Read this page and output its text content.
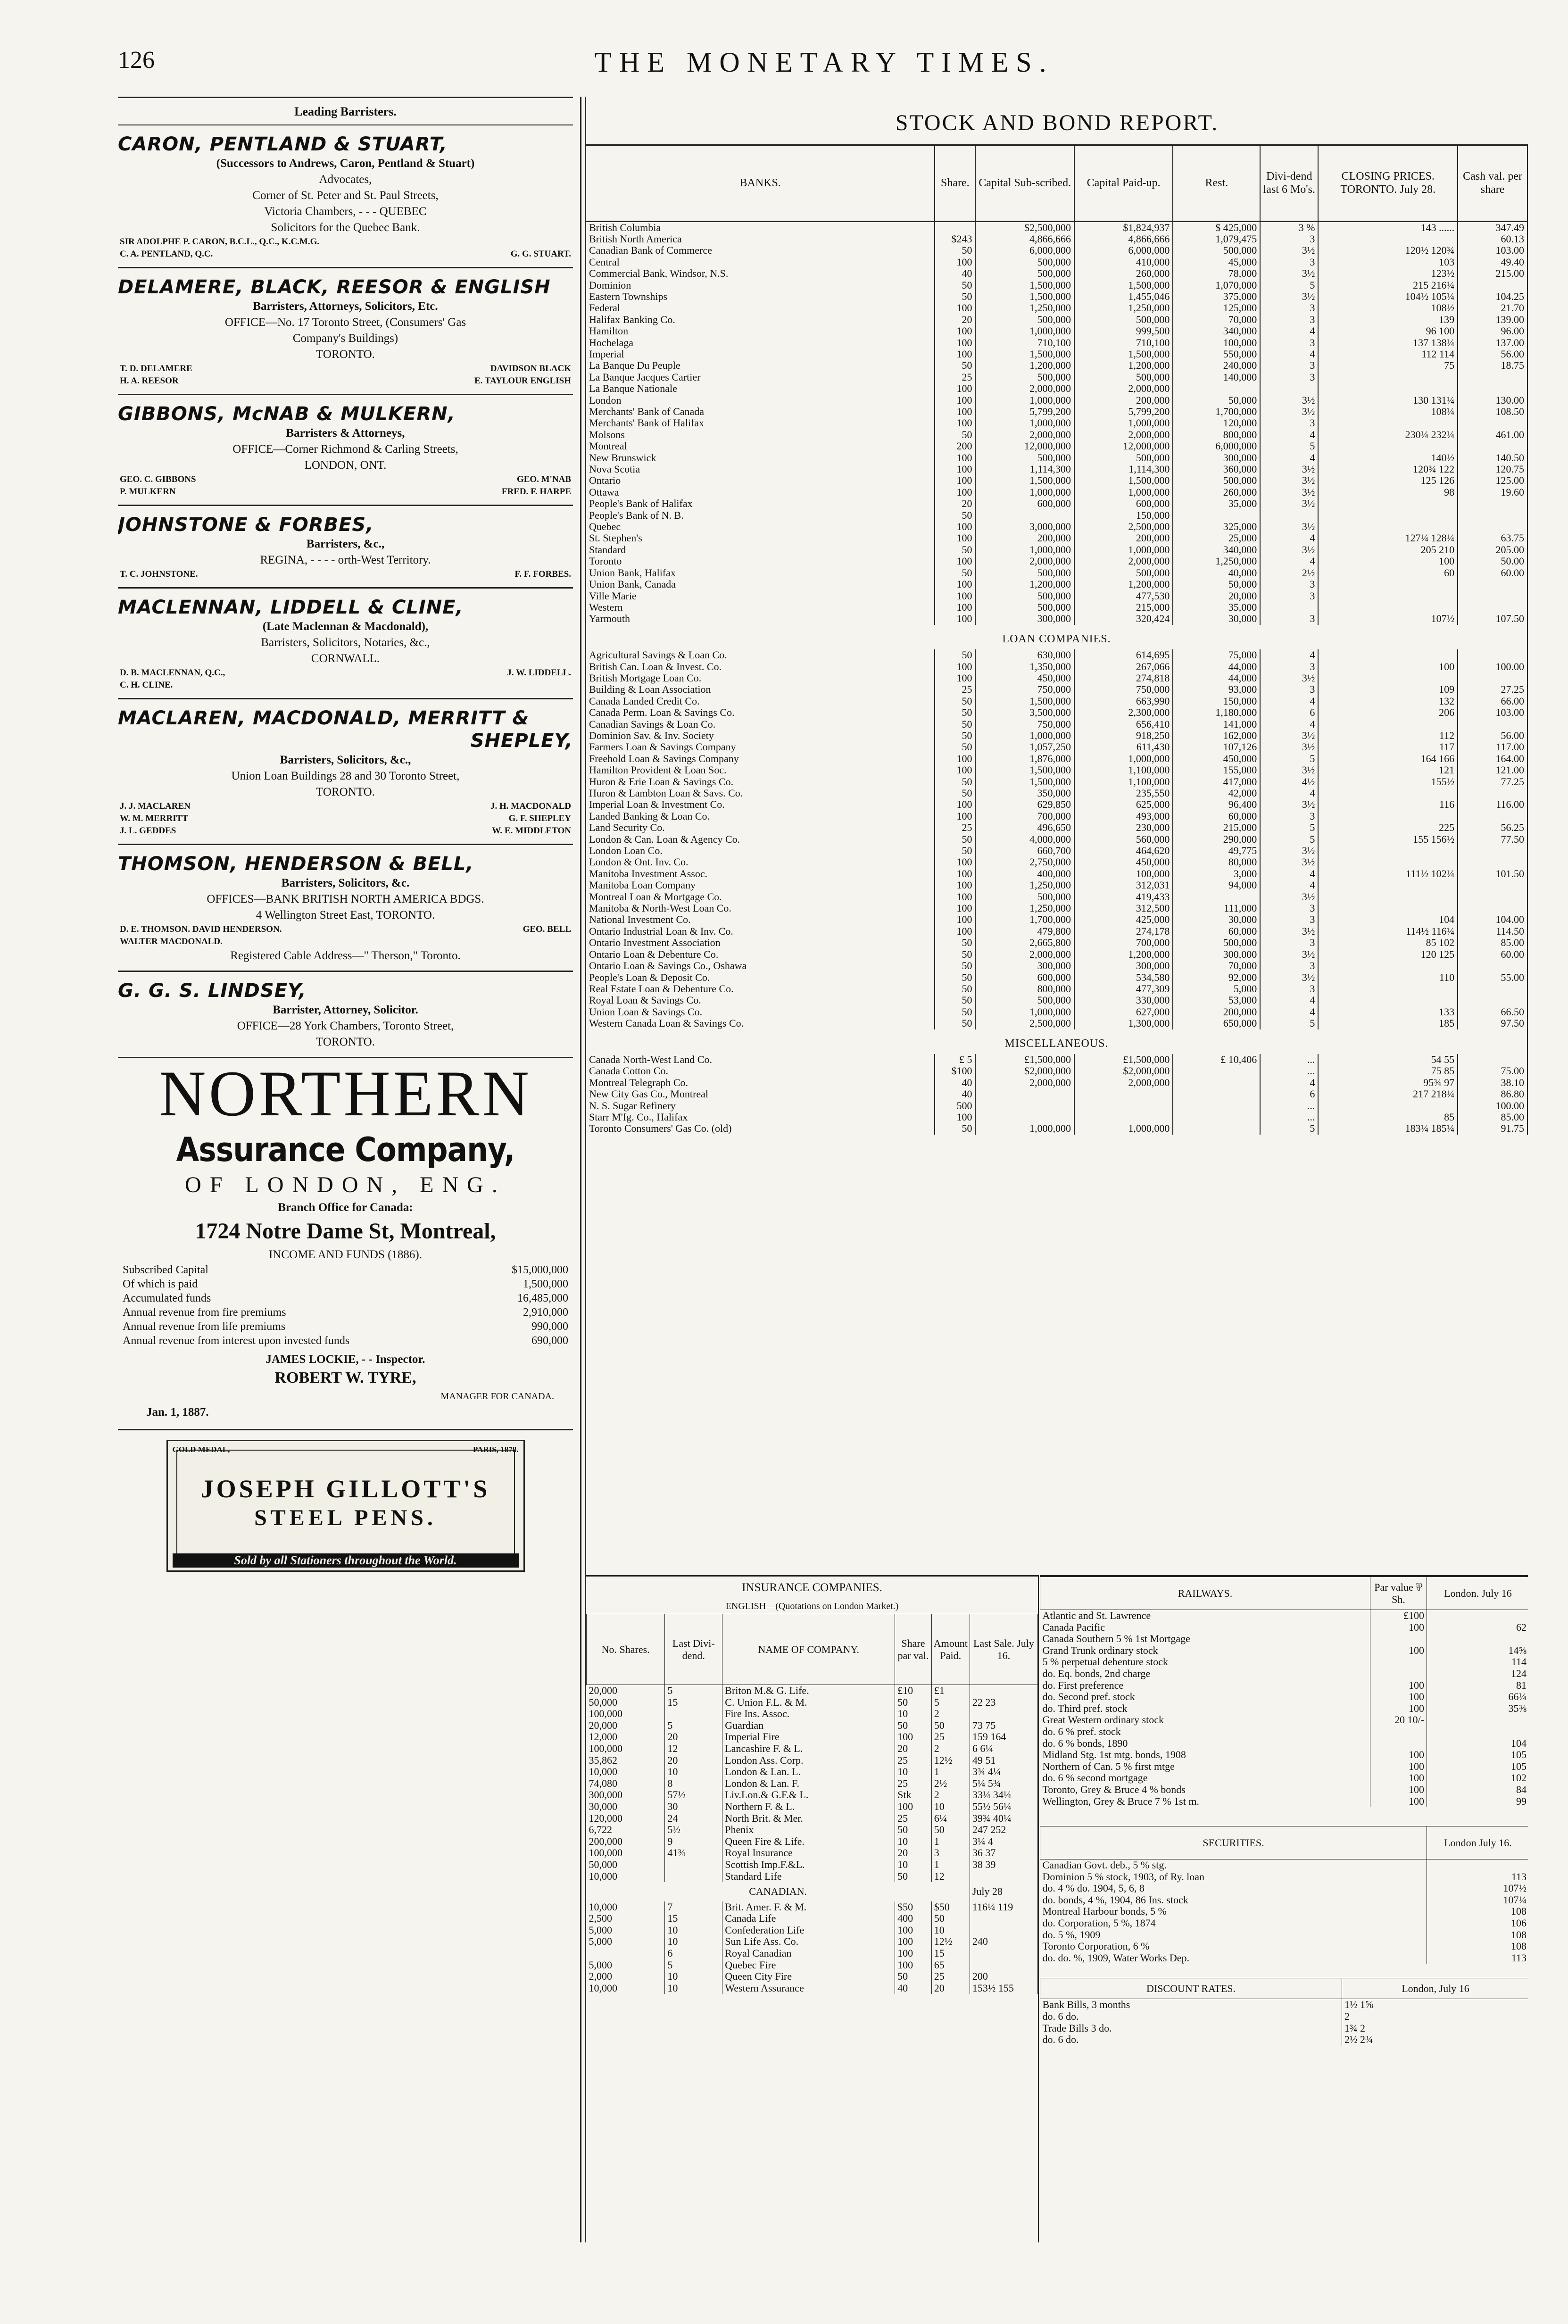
126	THE MONETARY TIMES.
Leading Barristers.
CARON, PENTLAND & STUART,
(Successors to Andrews, Caron, Pentland & Stuart)
Advocates,
Corner of St. Peter and St. Paul Streets,
Victoria Chambers, - - - QUEBEC
Solicitors for the Quebec Bank.
SIR ADOLPHE P. CARON, B.C.L., Q.C., K.C.M.G.
C. A. PENTLAND, Q.C.	G. G. STUART.
DELAMERE, BLACK, REESOR & ENGLISH
Barristers, Attorneys, Solicitors, Etc.
OFFICE—No. 17 Toronto Street, (Consumers' Gas
Company's Buildings)
TORONTO.
T. D. DELAMERE	DAVIDSON BLACK
H. A. REESOR	E. TAYLOUR ENGLISH
GIBBONS, McNAB & MULKERN,
Barristers & Attorneys,
OFFICE—Corner Richmond & Carling Streets,
LONDON, ONT.
GEO. C. GIBBONS	GEO. M'NAB
P. MULKERN	FRED. F. HARPE
JOHNSTONE & FORBES,
Barristers, &c.,
REGINA, - - - - orth-West Territory.
T. C. JOHNSTONE.	F. F. FORBES.
MACLENNAN, LIDDELL & CLINE,
(Late Maclennan & Macdonald),
Barristers, Solicitors, Notaries, &c.,
CORNWALL.
D. B. MACLENNAN, Q.C.,	J. W. LIDDELL.
C. H. CLINE.
MACLAREN, MACDONALD, MERRITT &
SHEPLEY,
Barristers, Solicitors, &c.,
Union Loan Buildings 28 and 30 Toronto Street,
TORONTO.
J. J. MACLAREN	J. H. MACDONALD
W. M. MERRITT	G. F. SHEPLEY
J. L. GEDDES	W. E. MIDDLETON
THOMSON, HENDERSON & BELL,
Barristers, Solicitors, &c.
OFFICES—BANK BRITISH NORTH AMERICA BDGS.
4 Wellington Street East, TORONTO.
D. E. THOMSON. DAVID HENDERSON.	GEO. BELL
WALTER MACDONALD.
Registered Cable Address—" Therson," Toronto.
G. G. S. LINDSEY,
Barrister, Attorney, Solicitor.
OFFICE—28 York Chambers, Toronto Street,
TORONTO.
NORTHERN
Assurance Company,
OF LONDON, ENG.
Branch Office for Canada:
1724 Notre Dame St, Montreal,
INCOME AND FUNDS (1886).
Subscribed Capital	$15,000,000
Of which is paid	1,500,000
Accumulated funds	16,485,000
Annual revenue from fire premiums	2,910,000
Annual revenue from life premiums	990,000
Annual revenue from interest upon invested funds	690,000
JAMES LOCKIE, - - Inspector.
ROBERT W. TYRE,
MANAGER FOR CANADA.
Jan. 1, 1887.
GOLD MEDAL,	PARIS, 1878.
JOSEPH GILLOTT'S
STEEL PENS.
Sold by all Stationers throughout the World.
STOCK AND BOND REPORT.
BANKS.	Share.	Capital Sub-scribed.	Capital Paid-up.	Rest.	Divi-dend last 6 Mo's.	CLOSING PRICES.
TORONTO. July 28.	Cash val. per share
British Columbia		$2,500,000	$1,824,937	$ 425,000	3 %	143 ......	347.49
British North America	$243	4,866,666	4,866,666	1,079,475	3		60.13
Canadian Bank of Commerce	50	6,000,000	6,000,000	500,000	3½	120½ 120¾	103.00
Central	100	500,000	410,000	45,000	3	103	49.40
Commercial Bank, Windsor, N.S.	40	500,000	260,000	78,000	3½	123½	215.00
Dominion	50	1,500,000	1,500,000	1,070,000	5	215 216¼	
Eastern Townships	50	1,500,000	1,455,046	375,000	3½	104½ 105¼	104.25
Federal	100	1,250,000	1,250,000	125,000	3	108½	21.70
Halifax Banking Co.	20	500,000	500,000	70,000	3	139	139.00
Hamilton	100	1,000,000	999,500	340,000	4	96 100	96.00
Hochelaga	100	710,100	710,100	100,000	3	137 138¼	137.00
Imperial	100	1,500,000	1,500,000	550,000	4	112 114	56.00
La Banque Du Peuple	50	1,200,000	1,200,000	240,000	3	75	18.75
La Banque Jacques Cartier	25	500,000	500,000	140,000	3		
La Banque Nationale	100	2,000,000	2,000,000				
London	100	1,000,000	200,000	50,000	3½	130 131¼	130.00
Merchants' Bank of Canada	100	5,799,200	5,799,200	1,700,000	3½	108¼	108.50
Merchants' Bank of Halifax	100	1,000,000	1,000,000	120,000	3		
Molsons	50	2,000,000	2,000,000	800,000	4	230¼ 232¼	461.00
Montreal	200	12,000,000	12,000,000	6,000,000	5		
New Brunswick	100	500,000	500,000	300,000	4	140½	140.50
Nova Scotia	100	1,114,300	1,114,300	360,000	3½	120¾ 122	120.75
Ontario	100	1,500,000	1,500,000	500,000	3½	125 126	125.00
Ottawa	100	1,000,000	1,000,000	260,000	3½	98	19.60
People's Bank of Halifax	20	600,000	600,000	35,000	3½		
People's Bank of N. B.	50		150,000				
Quebec	100	3,000,000	2,500,000	325,000	3½		
St. Stephen's	100	200,000	200,000	25,000	4	127¼ 128¼	63.75
Standard	50	1,000,000	1,000,000	340,000	3½	205 210	205.00
Toronto	100	2,000,000	2,000,000	1,250,000	4	100	50.00
Union Bank, Halifax	50	500,000	500,000	40,000	2½	60	60.00
Union Bank, Canada	100	1,200,000	1,200,000	50,000	3		
Ville Marie	100	500,000	477,530	20,000	3		
Western	100	500,000	215,000	35,000			
Yarmouth	100	300,000	320,424	30,000	3	107½	107.50
LOAN COMPANIES.							
Agricultural Savings & Loan Co.	50	630,000	614,695	75,000	4		
British Can. Loan & Invest. Co.	100	1,350,000	267,066	44,000	3	100	100.00
British Mortgage Loan Co.	100	450,000	274,818	44,000	3½		
Building & Loan Association	25	750,000	750,000	93,000	3	109	27.25
Canada Landed Credit Co.	50	1,500,000	663,990	150,000	4	132	66.00
Canada Perm. Loan & Savings Co.	50	3,500,000	2,300,000	1,180,000	6	206	103.00
Canadian Savings & Loan Co.	50	750,000	656,410	141,000	4		
Dominion Sav. & Inv. Society	50	1,000,000	918,250	162,000	3½	112	56.00
Farmers Loan & Savings Company	50	1,057,250	611,430	107,126	3½	117	117.00
Freehold Loan & Savings Company	100	1,876,000	1,000,000	450,000	5	164 166	164.00
Hamilton Provident & Loan Soc.	100	1,500,000	1,100,000	155,000	3½	121	121.00
Huron & Erie Loan & Savings Co.	50	1,500,000	1,100,000	417,000	4½	155½	77.25
Huron & Lambton Loan & Savs. Co.	50	350,000	235,550	42,000	4		
Imperial Loan & Investment Co.	100	629,850	625,000	96,400	3½	116	116.00
Landed Banking & Loan Co.	100	700,000	493,000	60,000	3		
Land Security Co.	25	496,650	230,000	215,000	5	225	56.25
London & Can. Loan & Agency Co.	50	4,000,000	560,000	290,000	5	155 156½	77.50
London Loan Co.	50	660,700	464,620	49,775	3½		
London & Ont. Inv. Co.	100	2,750,000	450,000	80,000	3½		
Manitoba Investment Assoc.	100	400,000	100,000	3,000	4	111½ 102¼	101.50
Manitoba Loan Company	100	1,250,000	312,031	94,000	4		
Montreal Loan & Mortgage Co.	100	500,000	419,433		3½		
Manitoba & North-West Loan Co.	100	1,250,000	312,500	111,000	3		
National Investment Co.	100	1,700,000	425,000	30,000	3	104	104.00
Ontario Industrial Loan & Inv. Co.	100	479,800	274,178	60,000	3½	114½ 116¼	114.50
Ontario Investment Association	50	2,665,800	700,000	500,000	3	85 102	85.00
Ontario Loan & Debenture Co.	50	2,000,000	1,200,000	300,000	3½	120 125	60.00
Ontario Loan & Savings Co., Oshawa	50	300,000	300,000	70,000	3		
People's Loan & Deposit Co.	50	600,000	534,580	92,000	3½	110	55.00
Real Estate Loan & Debenture Co.	50	800,000	477,309	5,000	3		
Royal Loan & Savings Co.	50	500,000	330,000	53,000	4		
Union Loan & Savings Co.	50	1,000,000	627,000	200,000	4	133	66.50
Western Canada Loan & Savings Co.	50	2,500,000	1,300,000	650,000	5	185	97.50
MISCELLANEOUS.							
Canada North-West Land Co.	£ 5	£1,500,000	£1,500,000	£ 10,406	...	54 55	
Canada Cotton Co.	$100	$2,000,000	$2,000,000		...	75 85	75.00
Montreal Telegraph Co.	40	2,000,000	2,000,000		4	95¾ 97	38.10
New City Gas Co., Montreal	40				6	217 218¼	86.80
N. S. Sugar Refinery	500				...		100.00
Starr M'fg. Co., Halifax	100				...	85	85.00
Toronto Consumers' Gas Co. (old)	50	1,000,000	1,000,000		5	183¼ 185¼	91.75
INSURANCE COMPANIES.
ENGLISH—(Quotations on London Market.)
No. Shares.	Last Divi-dend.	NAME OF COMPANY.	Share par val.	Amount Paid.	Last Sale. July 16.
20,000	5	Briton M.& G. Life.	£10	£1	
50,000	15	C. Union F.L. & M.	50	5	22 23
100,000		Fire Ins. Assoc.	10	2	
20,000	5	Guardian	50	50	73 75
12,000	20	Imperial Fire	100	25	159 164
100,000	12	Lancashire F. & L.	20	2	6 6¼
35,862	20	London Ass. Corp.	25	12½	49 51
10,000	10	London & Lan. L.	10	1	3¾ 4¼
74,080	8	London & Lan. F.	25	2½	5¼ 5¾
300,000	57½	Liv.Lon.& G.F.& L.	Stk	2	33¼ 34¼
30,000	30	Northern F. & L.	100	10	55½ 56¼
120,000	24	North Brit. & Mer.	25	6¼	39¾ 40¼
6,722	5½	Phenix	50	50	247 252
200,000	9	Queen Fire & Life.	10	1	3¼ 4
100,000	41¾	Royal Insurance	20	3	36 37
50,000		Scottish Imp.F.&L.	10	1	38 39
10,000		Standard Life	50	12	
CANADIAN.					July 28
10,000	7	Brit. Amer. F. & M.	$50	$50	116¼ 119
2,500	15	Canada Life	400	50	
5,000	10	Confederation Life	100	10	
5,000	10	Sun Life Ass. Co.	100	12½	240
	6	Royal Canadian	100	15	
5,000	5	Quebec Fire	100	65	
2,000	10	Queen City Fire	50	25	200
10,000	10	Western Assurance	40	20	153½ 155
RAILWAYS.	Par value ⅌ Sh.	London. July 16
Atlantic and St. Lawrence	£100	
Canada Pacific	100	62
Canada Southern 5 % 1st Mortgage		
Grand Trunk ordinary stock	100	14⅝
5 % perpetual debenture stock		114
do. Eq. bonds, 2nd charge		124
do. First preference	100	81
do. Second pref. stock	100	66¼
do. Third pref. stock	100	35⅜
Great Western ordinary stock	20 10/-	
do. 6 % pref. stock		
do. 6 % bonds, 1890		104
Midland Stg. 1st mtg. bonds, 1908	100	105
Northern of Can. 5 % first mtge	100	105
do. 6 % second mortgage	100	102
Toronto, Grey & Bruce 4 % bonds	100	84
Wellington, Grey & Bruce 7 % 1st m.	100	99
SECURITIES.	London July 16.
Canadian Govt. deb., 5 % stg.	
Dominion 5 % stock, 1903, of Ry. loan	113
do. 4 % do. 1904, 5, 6, 8	107½
do. bonds, 4 %, 1904, 86 Ins. stock	107¼
Montreal Harbour bonds, 5 %	108
do. Corporation, 5 %, 1874	106
do. 5 %, 1909	108
Toronto Corporation, 6 %	108
do. do. %, 1909, Water Works Dep.	113
DISCOUNT RATES.	London, July 16
Bank Bills, 3 months	1½ 1⅝
do. 6 do.	2
Trade Bills 3 do.	1¾ 2
do. 6 do.	2½ 2¾
